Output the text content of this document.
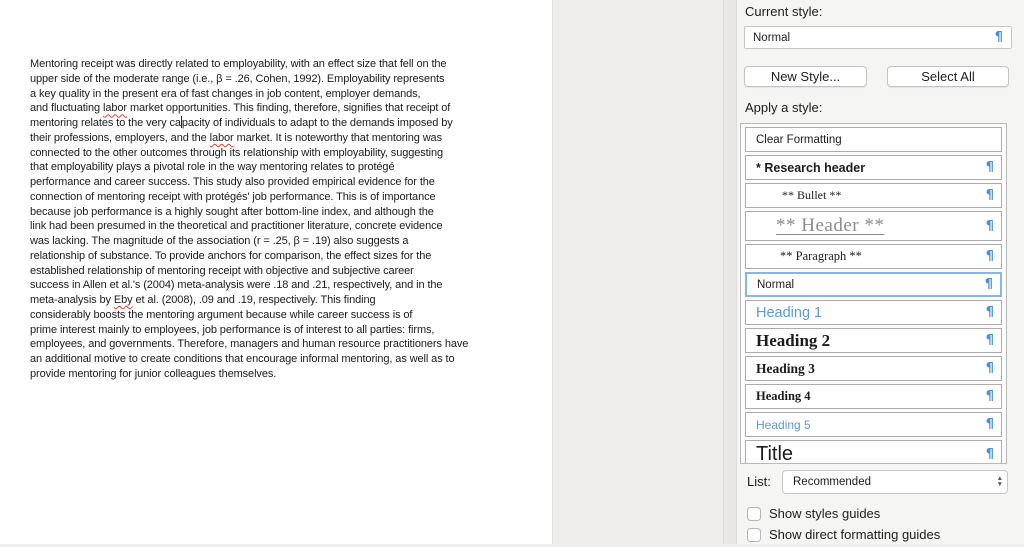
Mentoring receipt was directly related to employability, with an effect size that fell on the
upper side of the moderate range (i.e., β = .26, Cohen, 1992). Employability represents
a key quality in the present era of fast changes in job content, employer demands,
and fluctuating labor market opportunities. This finding, therefore, signifies that receipt of
mentoring relates to the very capacity of individuals to adapt to the demands imposed by
their professions, employers, and the labor market. It is noteworthy that mentoring was
connected to the other outcomes through its relationship with employability, suggesting
that employability plays a pivotal role in the way mentoring relates to protégé
performance and career success. This study also provided empirical evidence for the
connection of mentoring receipt with protégés' job performance. This is of importance
because job performance is a highly sought after bottom-line index, and although the
link had been presumed in the theoretical and practitioner literature, concrete evidence
was lacking. The magnitude of the association (r = .25, β = .19) also suggests a
relationship of substance. To provide anchors for comparison, the effect sizes for the
established relationship of mentoring receipt with objective and subjective career
success in Allen et al.'s (2004) meta-analysis were .18 and .21, respectively, and in the
meta-analysis by Eby et al. (2008), .09 and .19, respectively. This finding
considerably boosts the mentoring argument because while career success is of
prime interest mainly to employees, job performance is of interest to all parties: firms,
employees, and governments. Therefore, managers and human resource practitioners have
an additional motive to create conditions that encourage informal mentoring, as well as to
provide mentoring for junior colleagues themselves.
Current style:
Normal	¶
New Style...	Select All
Apply a style:
Clear Formatting
* Research header	¶
** Bullet **	¶
** Header **	¶
** Paragraph **	¶
Normal	¶
Heading 1	¶
Heading 2	¶
Heading 3	¶
Heading 4	¶
Heading 5	¶
Title	¶
List: Recommended	▲
▼
Show styles guides
Show direct formatting guides
